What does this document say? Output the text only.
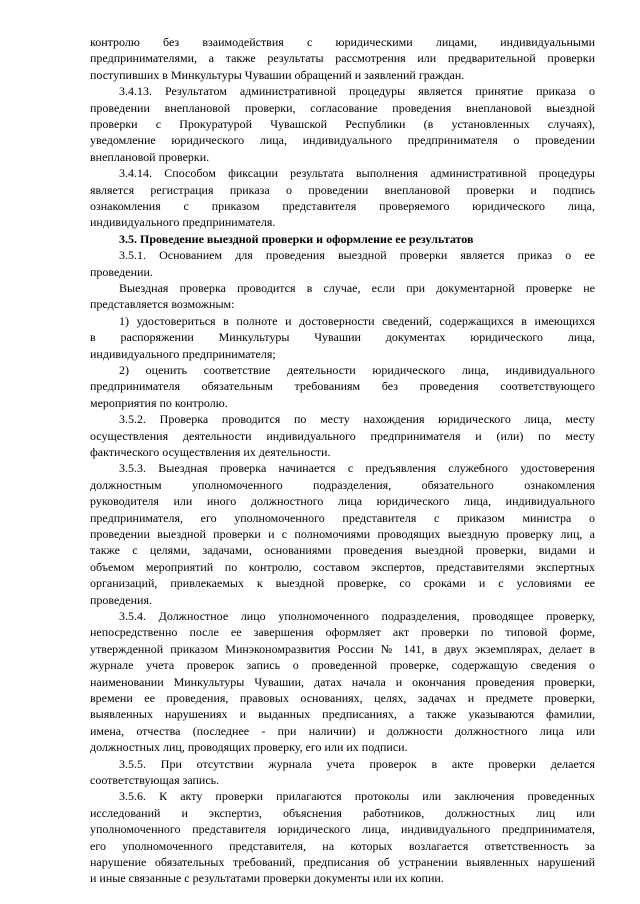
контролю без взаимодействия с юридическими лицами, индивидуальными
предпринимателями, а также результаты рассмотрения или предварительной проверки
поступивших в Минкультуры Чувашии обращений и заявлений граждан.
3.4.13. Результатом административной процедуры является принятие приказа о
проведении внеплановой проверки, согласование проведения внеплановой выездной
проверки с Прокуратурой Чувашской Республики (в установленных случаях),
уведомление юридического лица, индивидуального предпринимателя о проведении
внеплановой проверки.
3.4.14. Способом фиксации результата выполнения административной процедуры
является регистрация приказа о проведении внеплановой проверки и подпись
ознакомления с приказом представителя проверяемого юридического лица,
индивидуального предпринимателя.
3.5. Проведение выездной проверки и оформление ее результатов
3.5.1. Основанием для проведения выездной проверки является приказ о ее
проведении.
Выездная проверка проводится в случае, если при документарной проверке не
представляется возможным:
1) удостовериться в полноте и достоверности сведений, содержащихся в имеющихся
в распоряжении Минкультуры Чувашии документах юридического лица,
индивидуального предпринимателя;
2) оценить соответствие деятельности юридического лица, индивидуального
предпринимателя обязательным требованиям без проведения соответствующего
мероприятия по контролю.
3.5.2. Проверка проводится по месту нахождения юридического лица, месту
осуществления деятельности индивидуального предпринимателя и (или) по месту
фактического осуществления их деятельности.
3.5.3. Выездная проверка начинается с предъявления служебного удостоверения
должностным уполномоченного подразделения, обязательного ознакомления
руководителя или иного должностного лица юридического лица, индивидуального
предпринимателя, его уполномоченного представителя с приказом министра о
проведении выездной проверки и с полномочиями проводящих выездную проверку лиц, а
также с целями, задачами, основаниями проведения выездной проверки, видами и
объемом мероприятий по контролю, составом экспертов, представителями экспертных
организаций, привлекаемых к выездной проверке, со сроками и с условиями ее
проведения.
3.5.4. Должностное лицо уполномоченного подразделения, проводящее проверку,
непосредственно после ее завершения оформляет акт проверки по типовой форме,
утвержденной приказом Минэкономразвития России № 141, в двух экземплярах, делает в
журнале учета проверок запись о проведенной проверке, содержащую сведения о
наименовании Минкультуры Чувашии, датах начала и окончания проведения проверки,
времени ее проведения, правовых основаниях, целях, задачах и предмете проверки,
выявленных нарушениях и выданных предписаниях, а также указываются фамилии,
имена, отчества (последнее - при наличии) и должности должностного лица или
должностных лиц, проводящих проверку, его или их подписи.
3.5.5. При отсутствии журнала учета проверок в акте проверки делается
соответствующая запись.
3.5.6. К акту проверки прилагаются протоколы или заключения проведенных
исследований и экспертиз, объяснения работников, должностных лиц или
уполномоченного представителя юридического лица, индивидуального предпринимателя,
его уполномоченного представителя, на которых возлагается ответственность за
нарушение обязательных требований, предписания об устранении выявленных нарушений
и иные связанные с результатами проверки документы или их копии.
